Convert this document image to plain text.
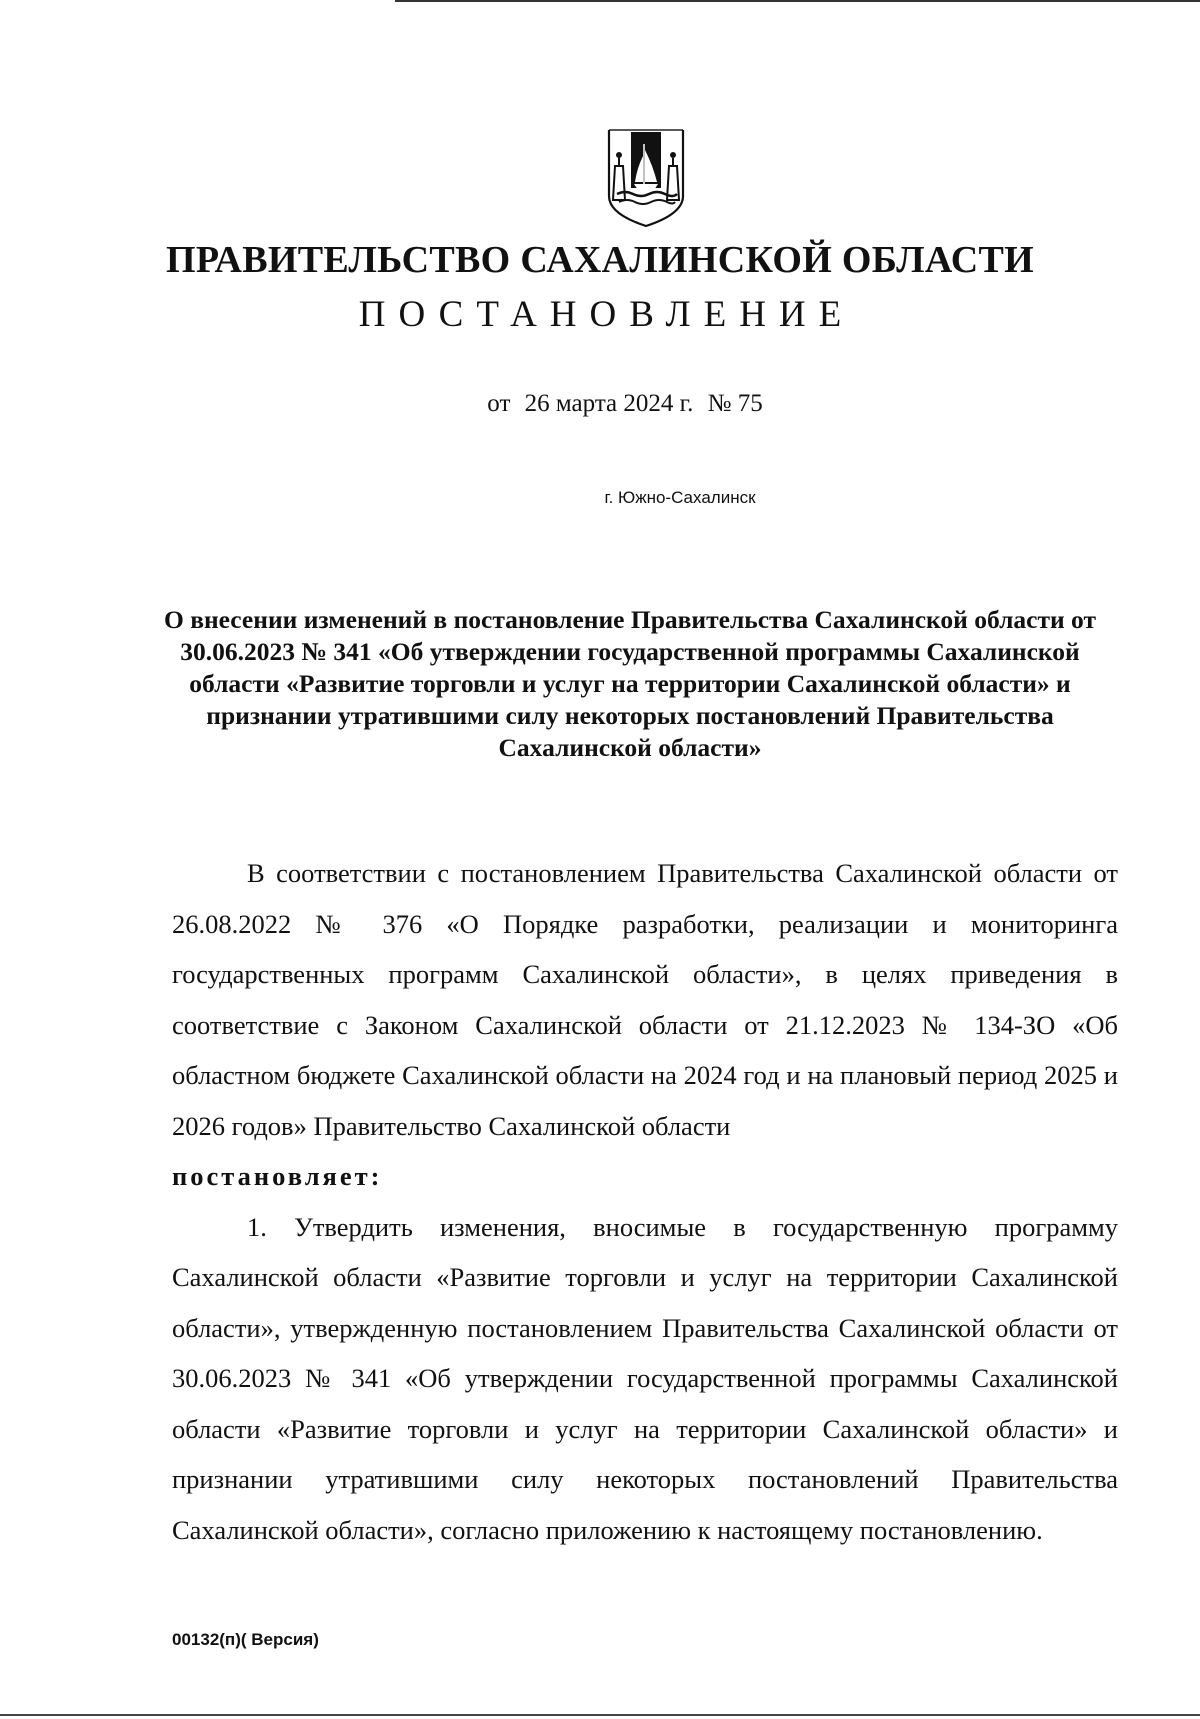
ПРАВИТЕЛЬСТВО САХАЛИНСКОЙ ОБЛАСТИ
ПОСТАНОВЛЕНИЕ
от 26 марта 2024 г. № 75
г. Южно-Сахалинск
О внесении изменений в постановление Правительства Сахалинской области от 30.06.2023 № 341 «Об утверждении государственной программы Сахалинской области «Развитие торговли и услуг на территории Сахалинской области» и признании утратившими силу некоторых постановлений Правительства Сахалинской области»

В соответствии с постановлением Правительства Сахалинской области от 26.08.2022 № 376 «О Порядке разработки, реализации и мониторинга государственных программ Сахалинской области», в целях приведения в соответствие с Законом Сахалинской области от 21.12.2023 № 134-ЗО «Об областном бюджете Сахалинской области на 2024 год и на плановый период 2025 и 2026 годов» Правительство Сахалинской области

постановляет:

1. Утвердить изменения, вносимые в государственную программу Сахалинской области «Развитие торговли и услуг на территории Сахалинской области», утвержденную постановлением Правительства Сахалинской области от 30.06.2023 № 341 «Об утверждении государственной программы Сахалинской области «Развитие торговли и услуг на территории Сахалинской области» и признании утратившими силу некоторых постановлений Правительства Сахалинской области», согласно приложению к настоящему постановлению.

00132(п)( Версия)
